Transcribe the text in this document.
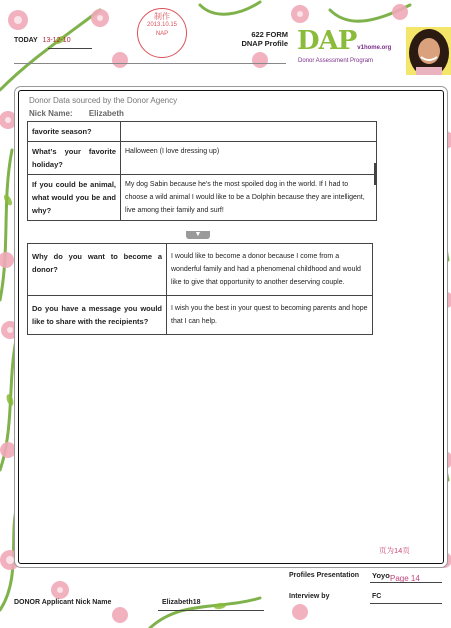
TODAY 13-12-10
制作
2013.10.15
NAP	622 FORM
DNAP Profile DAPv1home.org
Donor Assessment Program
Donor Data sourced by the Donor Agency
Nick Name: Elizabeth
favorite season?	
Whatʼs your favorite holiday?	Halloween (I love dressing up)
If you could be animal, what would you be and why?	My dog Sabin because he's the most spoiled dog in the world. If I had to choose a wild animal I would like to be a Dolphin because they are intelligent, live among their family and surf!
▼
Why do you want to become a donor?	I would like to become a donor because I come from a wonderful family and had a phenomenal childhood and would like to give that opportunity to another deserving couple.
Do you have a message you would like to share with the recipients?	I wish you the best in your quest to becoming parents and hope that I can help.
页为14页
Profiles Presentation Yoyo Page 14
Interview by	FC
DONOR Applicant Nick Name	Elizabeth18
